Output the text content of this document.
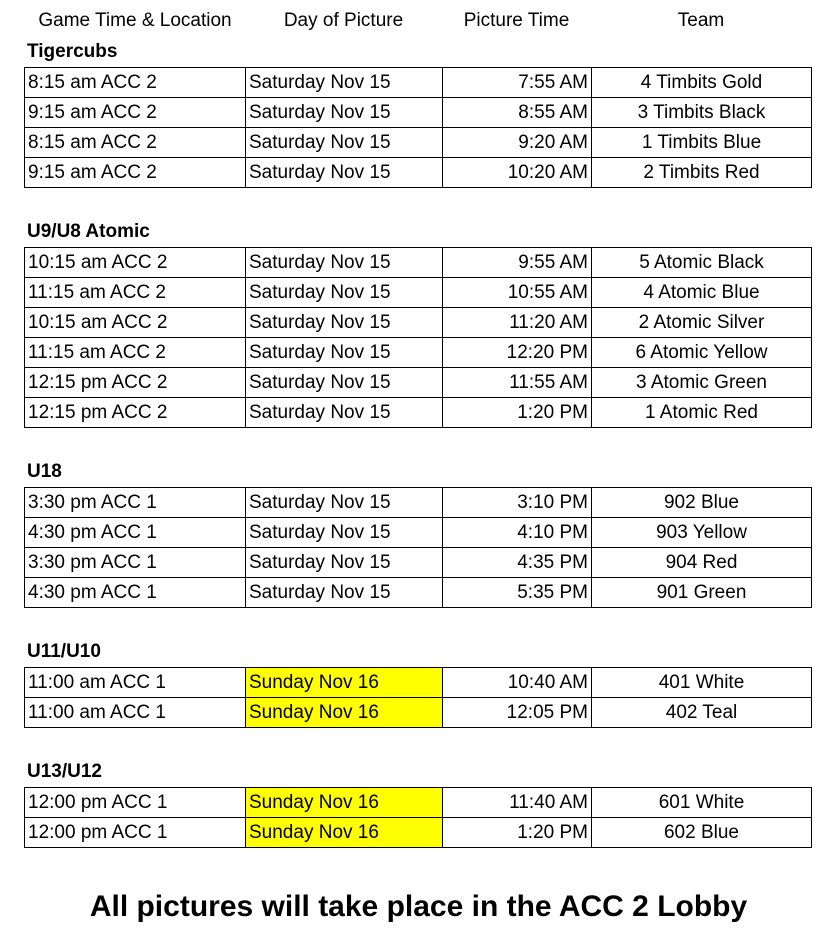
Game Time & Location	Day of Picture	Picture Time	Team
Tigercubs
8:15 am ACC 2	Saturday Nov 15	7:55 AM	4 Timbits Gold
9:15 am ACC 2	Saturday Nov 15	8:55 AM	3 Timbits Black
8:15 am ACC 2	Saturday Nov 15	9:20 AM	1 Timbits Blue
9:15 am ACC 2	Saturday Nov 15	10:20 AM	2 Timbits Red
U9/U8 Atomic
10:15 am ACC 2	Saturday Nov 15	9:55 AM	5 Atomic Black
11:15 am ACC 2	Saturday Nov 15	10:55 AM	4 Atomic Blue
10:15 am ACC 2	Saturday Nov 15	11:20 AM	2 Atomic Silver
11:15 am ACC 2	Saturday Nov 15	12:20 PM	6 Atomic Yellow
12:15 pm ACC 2	Saturday Nov 15	11:55 AM	3 Atomic Green
12:15 pm ACC 2	Saturday Nov 15	1:20 PM	1 Atomic Red
U18
3:30 pm ACC 1	Saturday Nov 15	3:10 PM	902 Blue
4:30 pm ACC 1	Saturday Nov 15	4:10 PM	903 Yellow
3:30 pm ACC 1	Saturday Nov 15	4:35 PM	904 Red
4:30 pm ACC 1	Saturday Nov 15	5:35 PM	901 Green
U11/U10
11:00 am ACC 1	Sunday Nov 16	10:40 AM	401 White
11:00 am ACC 1	Sunday Nov 16	12:05 PM	402 Teal
U13/U12
12:00 pm ACC 1	Sunday Nov 16	11:40 AM	601 White
12:00 pm ACC 1	Sunday Nov 16	1:20 PM	602 Blue
All pictures will take place in the ACC 2 Lobby
